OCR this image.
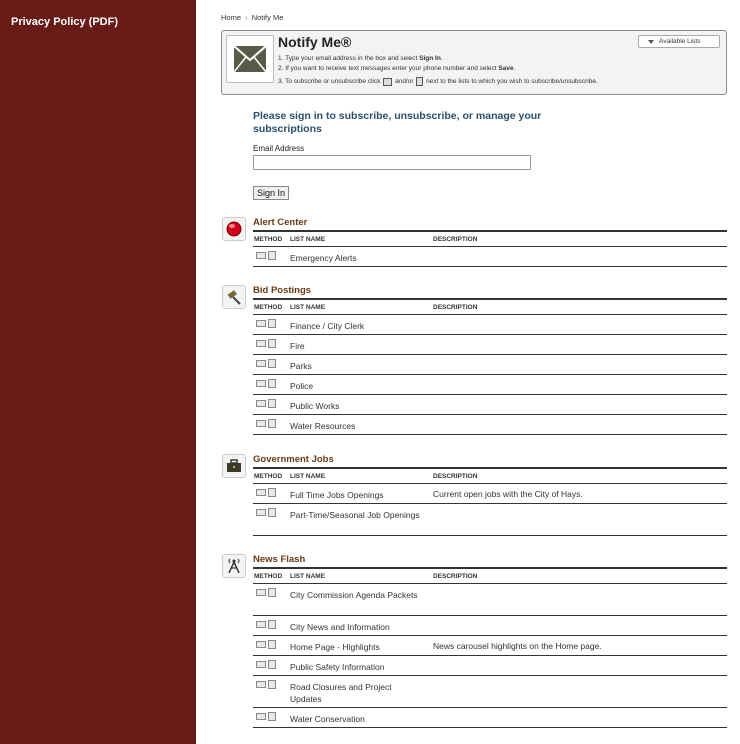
Privacy Policy (PDF)	Home › Notify Me
Notify Me®	Available Lists
1. Type your email address in the box and select Sign In.
2. If you want to receive text messages enter your phone number and select Save.
3. To subscribe or unsubscribe click and/or next to the lists to which you wish to subscribe/unsubscribe.
Please sign in to subscribe, unsubscribe, or manage your subscriptions
Email Address
Sign In
Alert Center
METHOD LIST NAME	DESCRIPTION
Emergency Alerts
Bid Postings
METHOD LIST NAME	DESCRIPTION
Finance / City Clerk
Fire
Parks
Police
Public Works
Water Resources
Government Jobs
METHOD LIST NAME	DESCRIPTION
Full Time Jobs Openings	Current open jobs with the City of Hays.
Part-Time/Seasonal Job Openings
News Flash
METHOD LIST NAME	DESCRIPTION
City Commission Agenda Packets
City News and Information
Home Page - Highlights	News carousel highlights on the Home page.
Public Safety Information
Road Closures and Project Updates
Water Conservation
